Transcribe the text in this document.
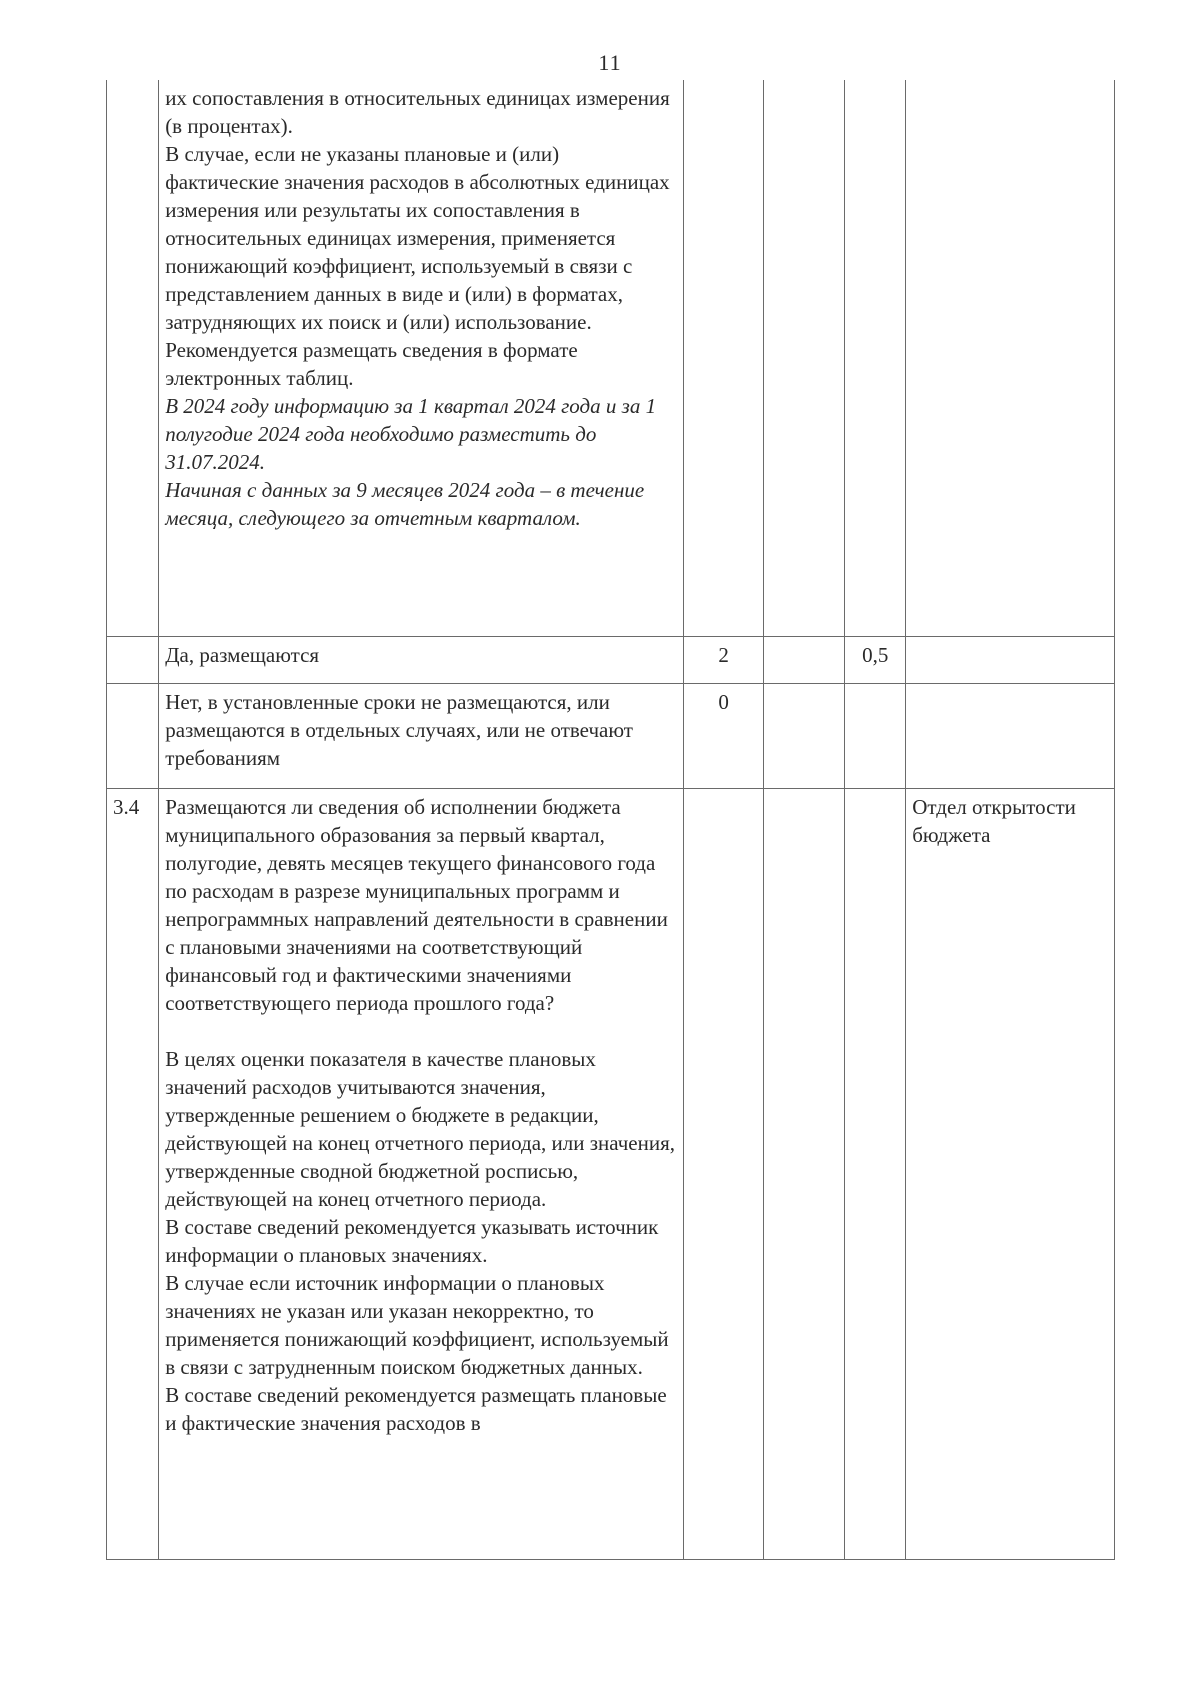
11

	их сопоставления в относительных единицах измерения (в процентах).
В случае, если не указаны плановые и (или) фактические значения расходов в абсолютных единицах измерения или результаты их сопоставления в относительных единицах измерения, применяется понижающий коэффициент, используемый в связи с представлением данных в виде и (или) в форматах, затрудняющих их поиск и (или) использование.
Рекомендуется размещать сведения в формате электронных таблиц.
В 2024 году информацию за 1 квартал 2024 года и за 1 полугодие 2024 года необходимо разместить до 31.07.2024.
Начиная с данных за 9 месяцев 2024 года – в течение месяца, следующего за отчетным кварталом.				

	Да, размещаются	2		0,5	
	Нет, в установленные сроки не размещаются, или размещаются в отдельных случаях, или не отвечают требованиям	0			
3.4	Размещаются ли сведения об исполнении бюджета муниципального образования за первый квартал, полугодие, девять месяцев текущего финансового года по расходам в разрезе муниципальных программ и непрограммных направлений деятельности в сравнении с плановыми значениями на соответствующий финансовый год и фактическими значениями соответствующего периода прошлого года?
В целях оценки показателя в качестве плановых значений расходов учитываются значения, утвержденные решением о бюджете в редакции, действующей на конец отчетного периода, или значения, утвержденные сводной бюджетной росписью, действующей на конец отчетного периода.
В составе сведений рекомендуется указывать источник информации о плановых значениях.
В случае если источник информации о плановых значениях не указан или указан некорректно, то применяется понижающий коэффициент, используемый в связи с затрудненным поиском бюджетных данных.
В составе сведений рекомендуется размещать плановые и фактические значения расходов в				Отдел открытости бюджета
